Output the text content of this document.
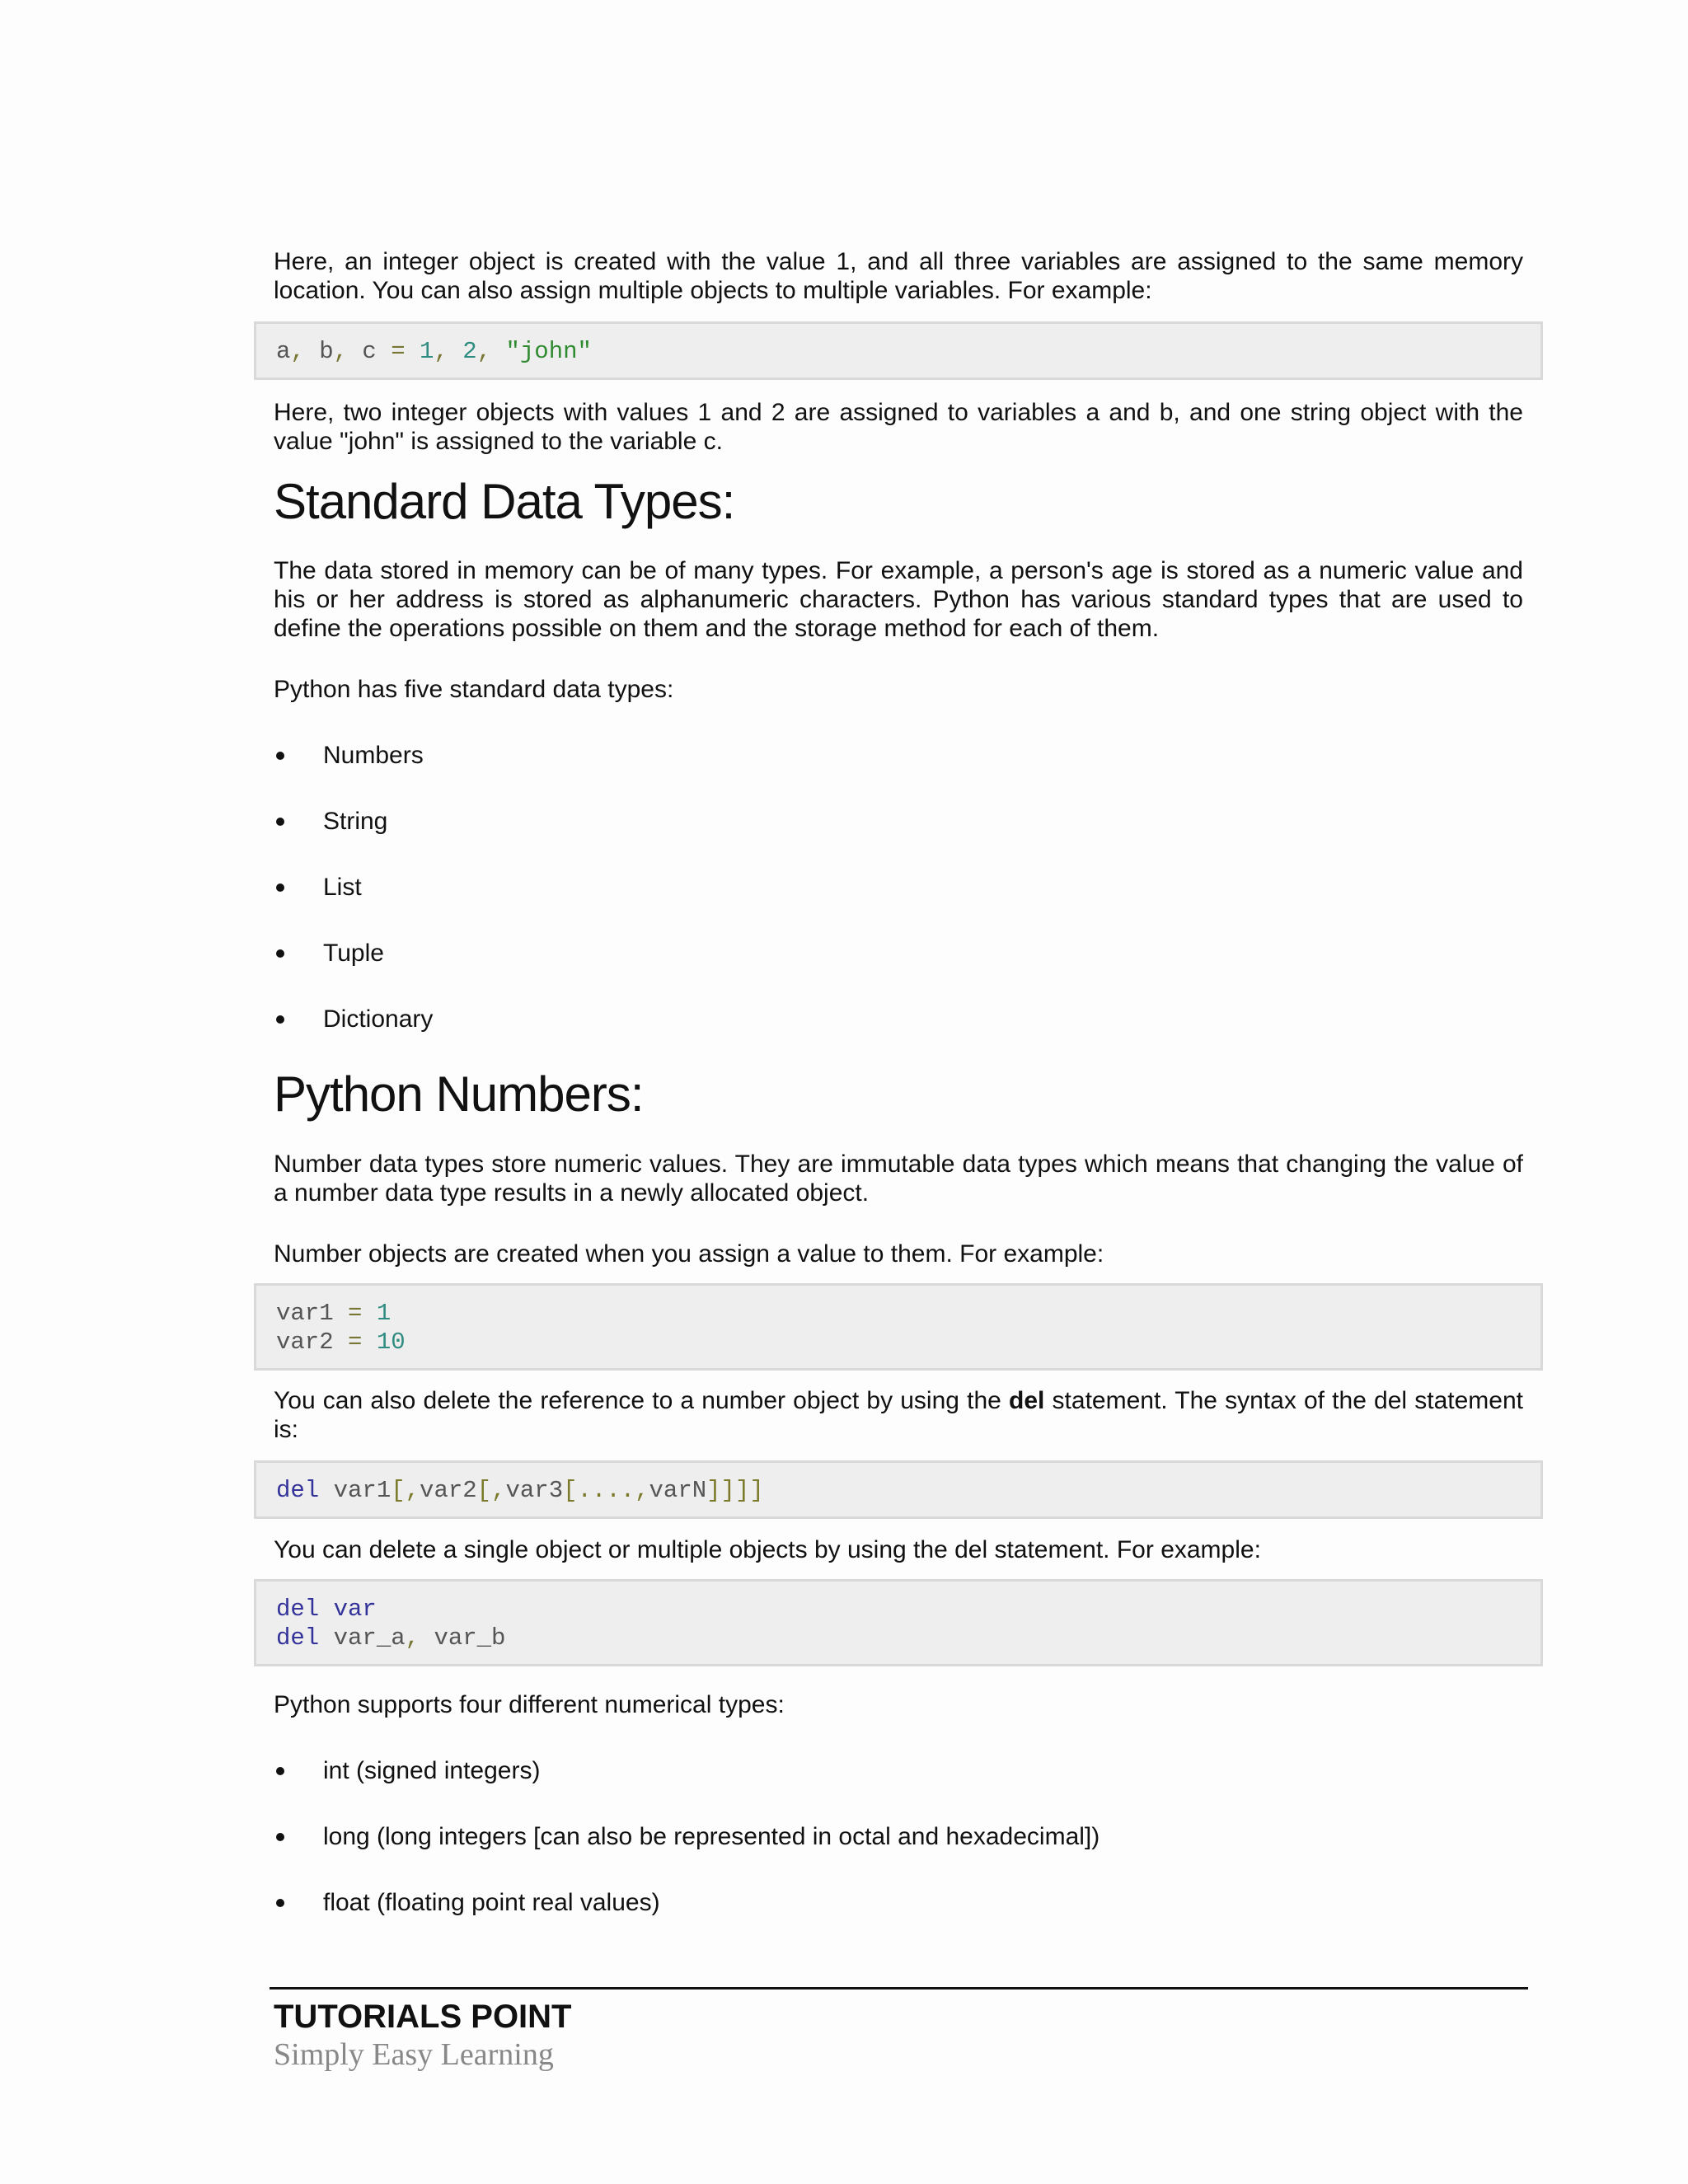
Here, an integer object is created with the value 1, and all three variables are assigned to the same memory location. You can also assign multiple objects to multiple variables. For example:

a, b, c = 1, 2, "john"

Here, two integer objects with values 1 and 2 are assigned to variables a and b, and one string object with the value "john" is assigned to the variable c.

Standard Data Types:

The data stored in memory can be of many types. For example, a person's age is stored as a numeric value and his or her address is stored as alphanumeric characters. Python has various standard types that are used to define the operations possible on them and the storage method for each of them.

Python has five standard data types:

Numbers
String
List
Tuple
Dictionary
Python Numbers:

Number data types store numeric values. They are immutable data types which means that changing the value of a number data type results in a newly allocated object.

Number objects are created when you assign a value to them. For example:

var1 = 1
var2 = 10

You can also delete the reference to a number object by using the del statement. The syntax of the del statement is:

del var1[,var2[,var3[....,varN]]]]

You can delete a single object or multiple objects by using the del statement. For example:

del var
del var_a, var_b

Python supports four different numerical types:

int (signed integers)
long (long integers [can also be represented in octal and hexadecimal])
float (floating point real values)
TUTORIALS POINT
Simply Easy Learning
